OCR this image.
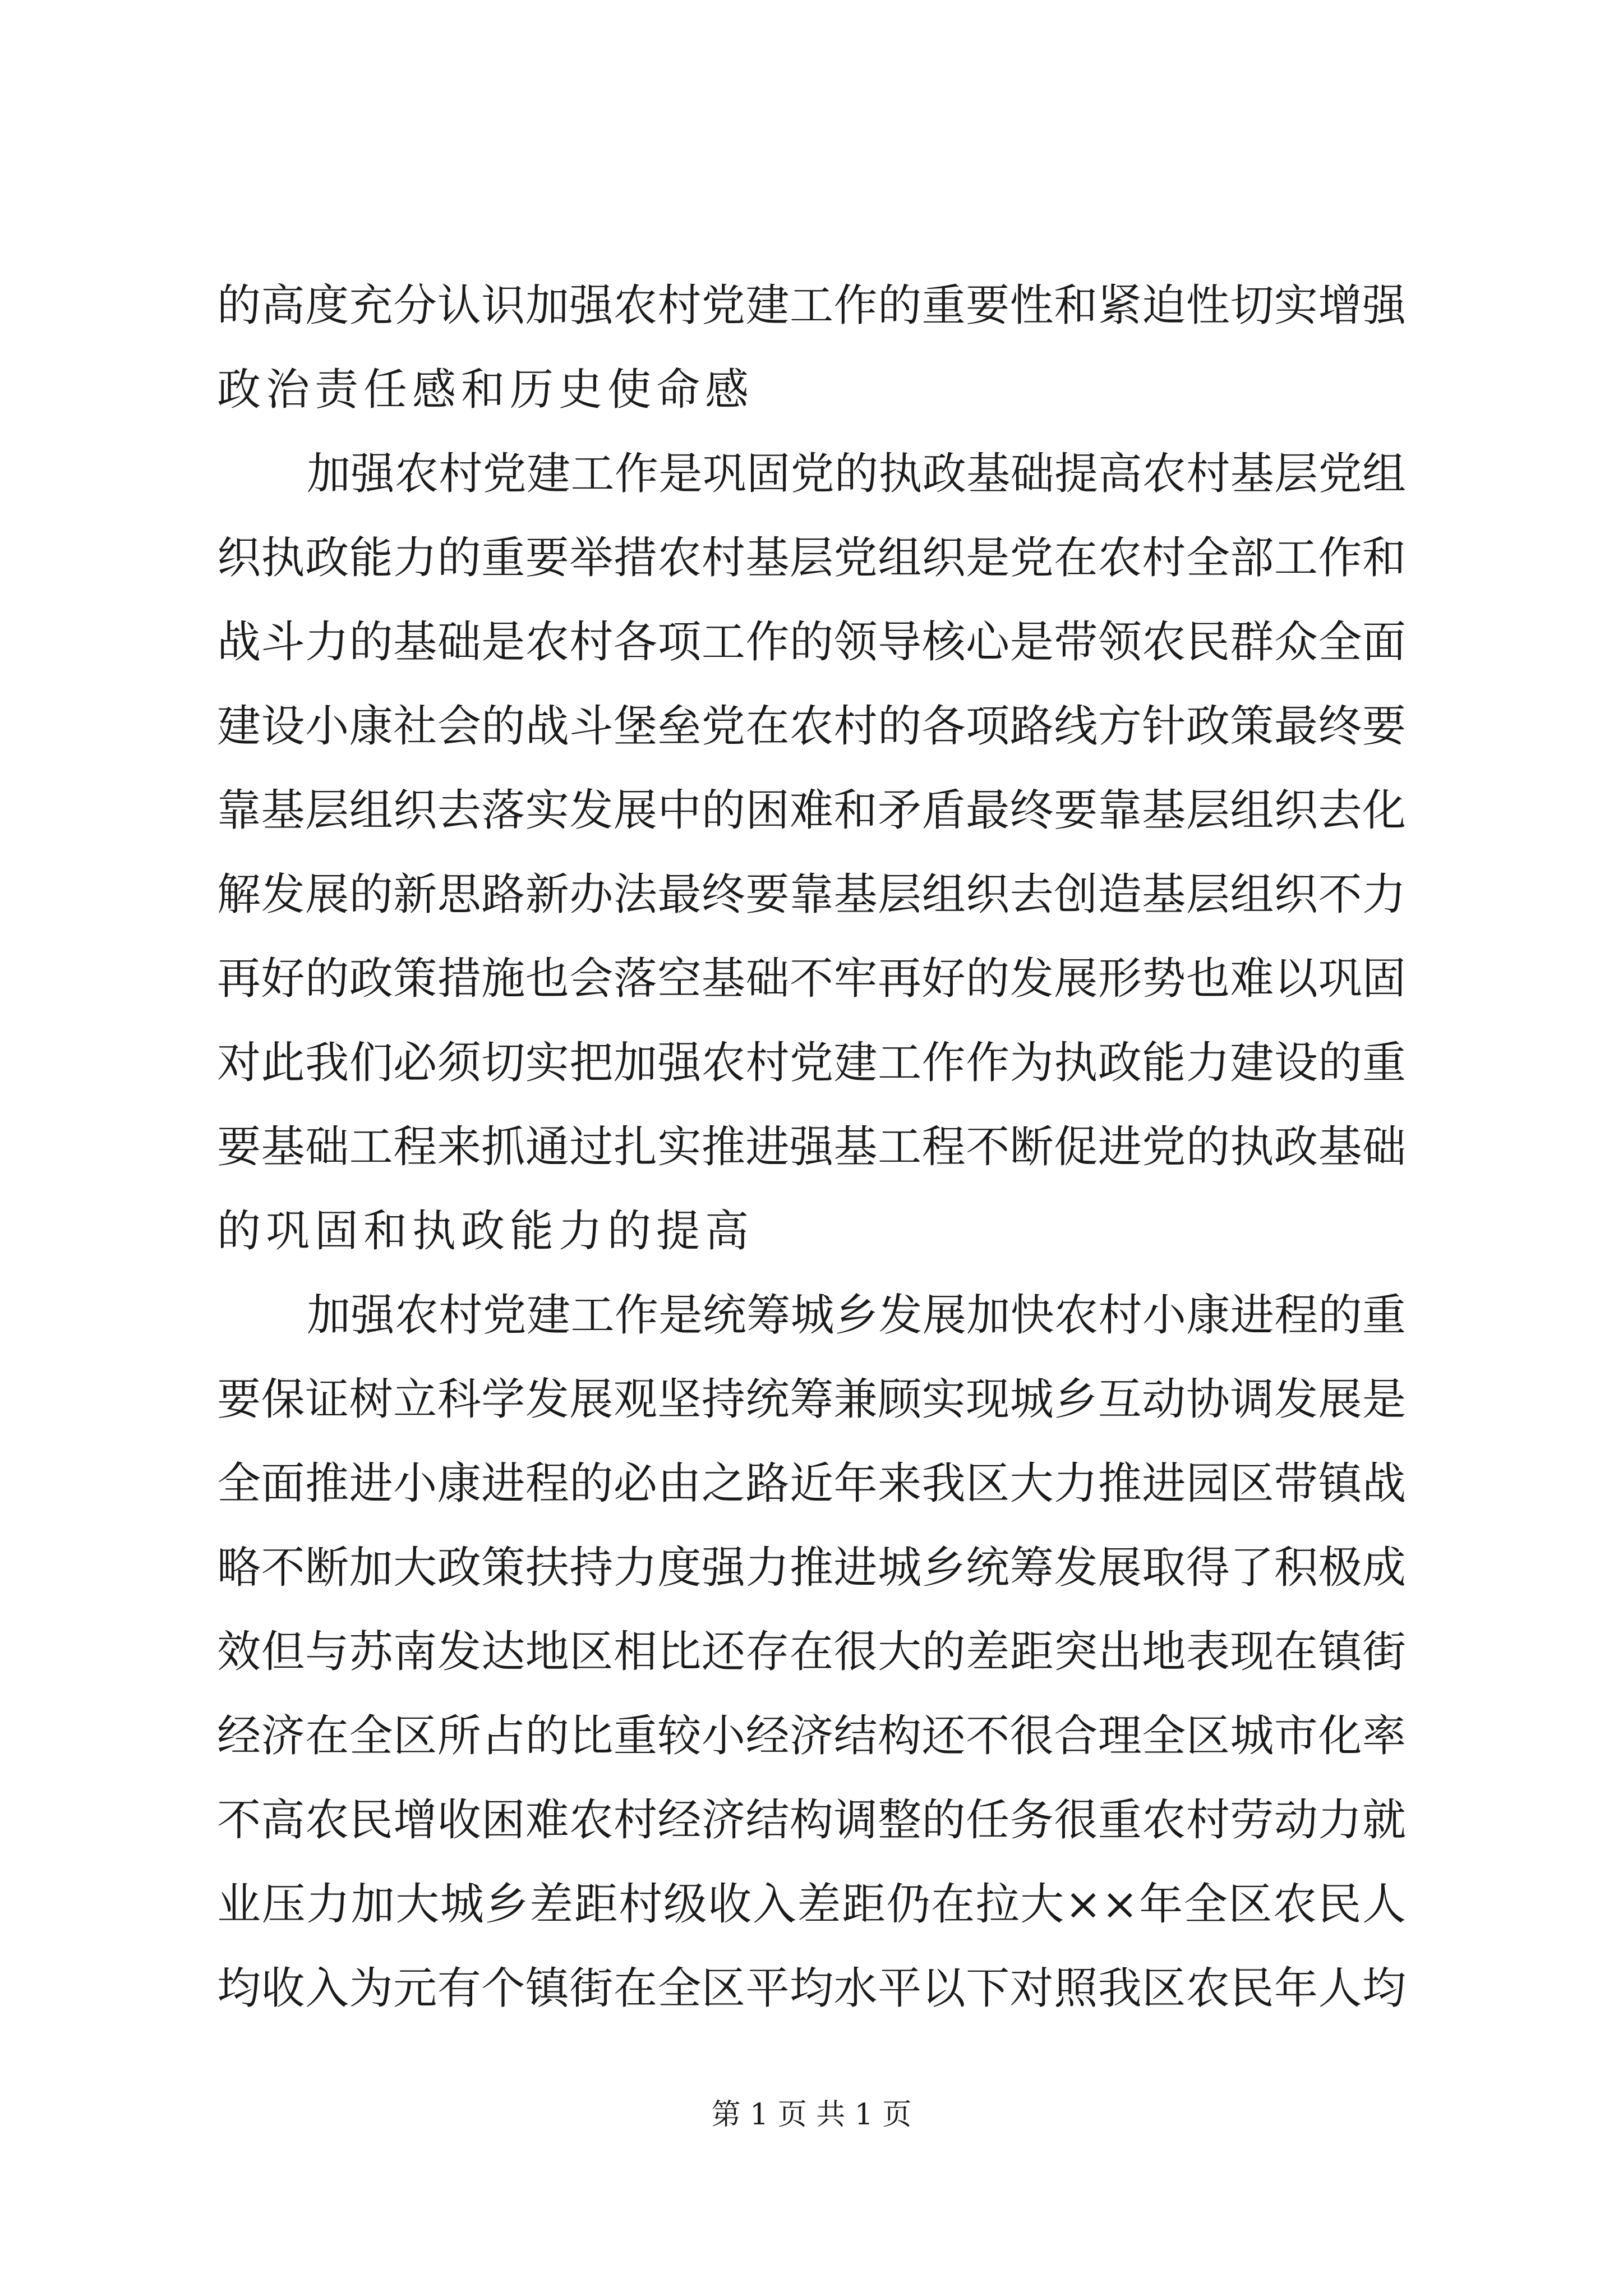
的高度充分认识加强农村党建工作的重要性和紧迫性切实增强
政治责任感和历史使命感
加强农村党建工作是巩固党的执政基础提高农村基层党组
织执政能力的重要举措农村基层党组织是党在农村全部工作和
战斗力的基础是农村各项工作的领导核心是带领农民群众全面
建设小康社会的战斗堡垒党在农村的各项路线方针政策最终要
靠基层组织去落实发展中的困难和矛盾最终要靠基层组织去化
解发展的新思路新办法最终要靠基层组织去创造基层组织不力
再好的政策措施也会落空基础不牢再好的发展形势也难以巩固
对此我们必须切实把加强农村党建工作作为执政能力建设的重
要基础工程来抓通过扎实推进强基工程不断促进党的执政基础
的巩固和执政能力的提高
加强农村党建工作是统筹城乡发展加快农村小康进程的重
要保证树立科学发展观坚持统筹兼顾实现城乡互动协调发展是
全面推进小康进程的必由之路近年来我区大力推进园区带镇战
略不断加大政策扶持力度强力推进城乡统筹发展取得了积极成
效但与苏南发达地区相比还存在很大的差距突出地表现在镇街
经济在全区所占的比重较小经济结构还不很合理全区城市化率
不高农民增收困难农村经济结构调整的任务很重农村劳动力就
业压力加大城乡差距村级收入差距仍在拉大××年全区农民人
均收入为元有个镇街在全区平均水平以下对照我区农民年人均
第 1 页 共 1 页
